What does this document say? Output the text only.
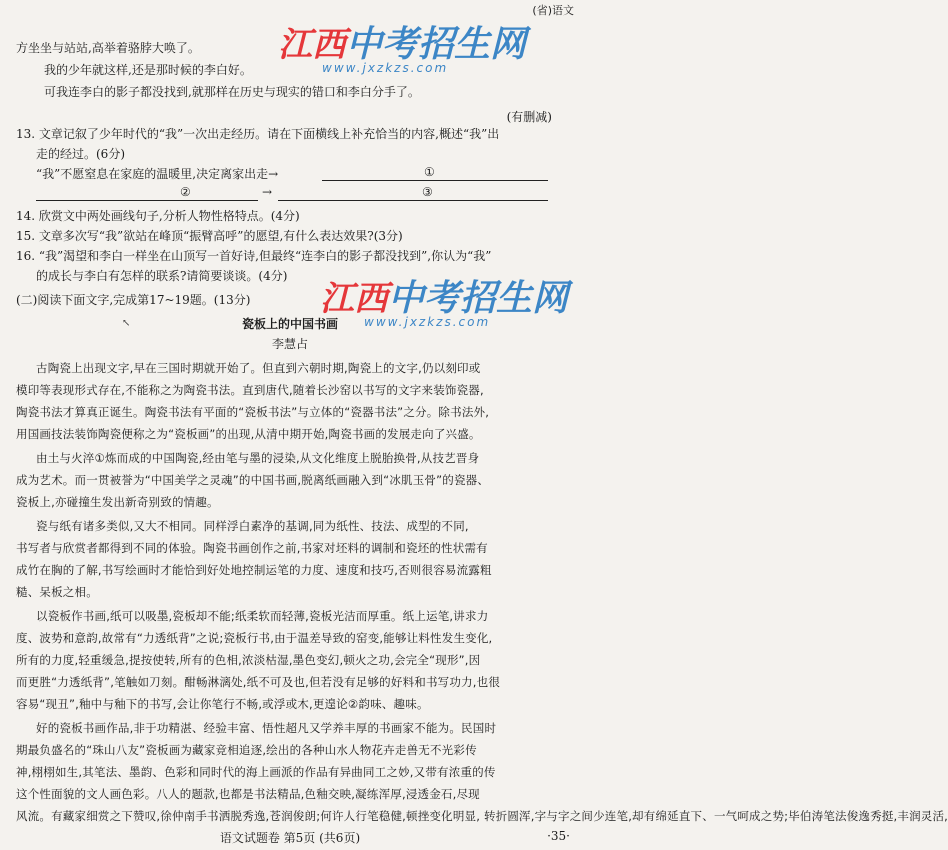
(省)语文
江西 中考招生网
www.jxzkzs.com
方坐坐与站站,高举着骆脖大唤了。
我的少年就这样,还是那时候的李白好。
可我连李白的影子都没找到,就那样在历史与现实的错口和李白分手了。
(有删减)
13. 文章记叙了少年时代的“我”一次出走经历。请在下面横线上补充恰当的内容,概述“我”出
走的经过。(6分)
“我”不愿窒息在家庭的温暖里,决定离家出走→	①
②	→	③
14. 欣赏文中两处画线句子,分析人物性格特点。(4分)
15. 文章多次写“我”欲站在峰顶“振臂高呼”的愿望,有什么表达效果?(3分)
16. “我”渴望和李白一样坐在山顶写一首好诗,但最终“连李白的影子都没找到”,你认为“我”
的成长与李白有怎样的联系?请简要谈谈。(4分)
江西 中考招生网
www.jxzkzs.com
(二)阅读下面文字,完成第17~19题。(13分)
瓷板上的中国书画
↖
李慧占
古陶瓷上出现文字,早在三国时期就开始了。但直到六朝时期,陶瓷上的文字,仍以刻印或
模印等表现形式存在,不能称之为陶瓷书法。直到唐代,随着长沙窑以书写的文字来装饰瓷器,
陶瓷书法才算真正诞生。陶瓷书法有平面的“瓷板书法”与立体的“瓷器书法”之分。除书法外,
用国画技法装饰陶瓷便称之为“瓷板画”的出现,从清中期开始,陶瓷书画的发展走向了兴盛。
由土与火淬①炼而成的中国陶瓷,经由笔与墨的浸染,从文化维度上脱胎换骨,从技艺晋身
成为艺术。而一贯被誉为“中国美学之灵魂”的中国书画,脱离纸画融入到“冰肌玉骨”的瓷器、
瓷板上,亦碰撞生发出新奇别致的情趣。
瓷与纸有诸多类似,又大不相同。同样浮白素净的基调,同为纸性、技法、成型的不同,
书写者与欣赏者都得到不同的体验。陶瓷书画创作之前,书家对坯料的调制和瓷坯的性状需有
成竹在胸的了解,书写绘画时才能恰到好处地控制运笔的力度、速度和技巧,否则很容易流露粗
糙、呆板之相。
以瓷板作书画,纸可以吸墨,瓷板却不能;纸柔软而轻薄,瓷板光洁而厚重。纸上运笔,讲求力
度、波势和意韵,故常有“力透纸背”之说;瓷板行书,由于温差导致的窑变,能够让料性发生变化,
所有的力度,轻重缓急,提按使转,所有的色相,浓淡枯湿,墨色变幻,顿火之功,会完全“现形”,因
而更胜“力透纸背”,笔触如刀刻。酣畅淋漓处,纸不可及也,但若没有足够的好料和书写功力,也很
容易“现丑”,釉中与釉下的书写,会让你笔行不畅,或浮或木,更遑论②韵味、趣味。
好的瓷板书画作品,非于功精湛、经验丰富、悟性超凡又学养丰厚的书画家不能为。民国时
期最负盛名的“珠山八友”瓷板画为藏家竞相追逐,绘出的各种山水人物花卉走兽无不光彩传
神,栩栩如生,其笔法、墨韵、色彩和同时代的海上画派的作品有异曲同工之妙,又带有浓重的传
这个性面貌的文人画色彩。八人的题款,也都是书法精品,色釉交映,凝练浑厚,浸透金石,尽现
风流。有藏家细赏之下赞叹,徐仲南手书洒脱秀逸,苍润俊朗;何许人行笔稳健,顿挫变化明显, 转折圆浑,字与字之间少连笔,却有绵延直下、一气呵成之势;毕伯涛笔法俊逸秀挺,丰润灵活,
语文试题卷 第5页 (共6页)	·35·
